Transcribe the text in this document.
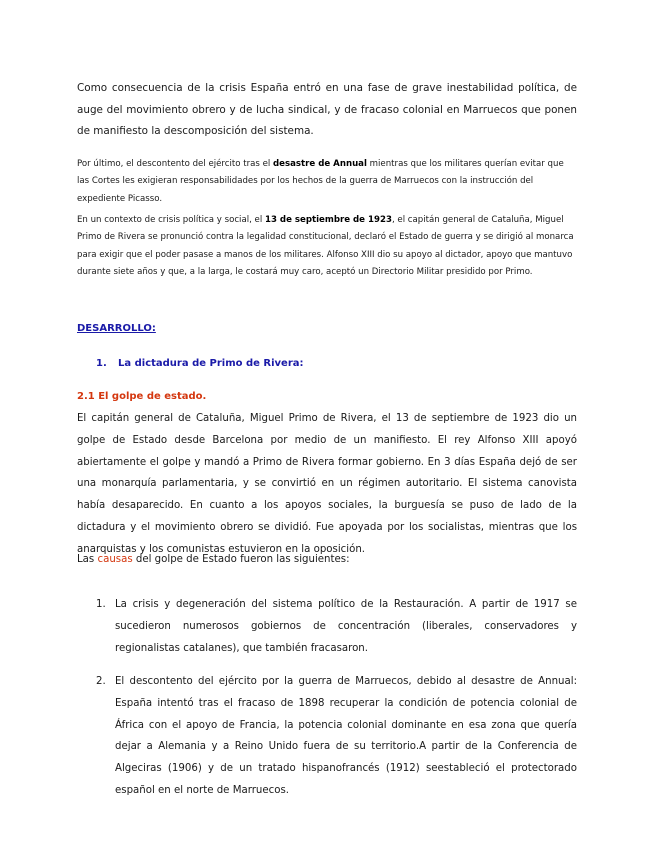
Como consecuencia de la crisis España entró en una fase de grave inestabilidad política, de auge del movimiento obrero y de lucha sindical, y de fracaso colonial en Marruecos que ponen de manifiesto la descomposición del sistema.

Por último, el descontento del ejército tras el desastre de Annual mientras que los militares querían evitar que las Cortes les exigieran responsabilidades por los hechos de la guerra de Marruecos con la instrucción del expediente Picasso.

En un contexto de crisis política y social, el 13 de septiembre de 1923, el capitán general de Cataluña, Miguel Primo de Rivera se pronunció contra la legalidad constitucional, declaró el Estado de guerra y se dirigió al monarca para exigir que el poder pasase a manos de los militares. Alfonso XIII dio su apoyo al dictador, apoyo que mantuvo durante siete años y que, a la larga, le costará muy caro, aceptó un Directorio Militar presidido por Primo.

DESARROLLO:
1. La dictadura de Primo de Rivera:
2.1 El golpe de estado.

El capitán general de Cataluña, Miguel Primo de Rivera, el 13 de septiembre de 1923 dio un golpe de Estado desde Barcelona por medio de un manifiesto. El rey Alfonso XIII apoyó abiertamente el golpe y mandó a Primo de Rivera formar gobierno. En 3 días España dejó de ser una monarquía parlamentaria, y se convirtió en un régimen autoritario. El sistema canovista había desaparecido. En cuanto a los apoyos sociales, la burguesía se puso de lado de la dictadura y el movimiento obrero se dividió. Fue apoyada por los socialistas, mientras que los anarquistas y los comunistas estuvieron en la oposición.

Las causas del golpe de Estado fueron las siguientes:

1. La crisis y degeneración del sistema político de la Restauración. A partir de 1917 se sucedieron numerosos gobiernos de concentración (liberales, conservadores y regionalistas catalanes), que también fracasaron.
2. El descontento del ejército por la guerra de Marruecos, debido al desastre de Annual: España intentó tras el fracaso de 1898 recuperar la condición de potencia colonial de África con el apoyo de Francia, la potencia colonial dominante en esa zona que quería dejar a Alemania y a Reino Unido fuera de su territorio.A partir de la Conferencia de Algeciras (1906) y de un tratado hispanofrancés (1912) seestableció el protectorado español en el norte de Marruecos.
